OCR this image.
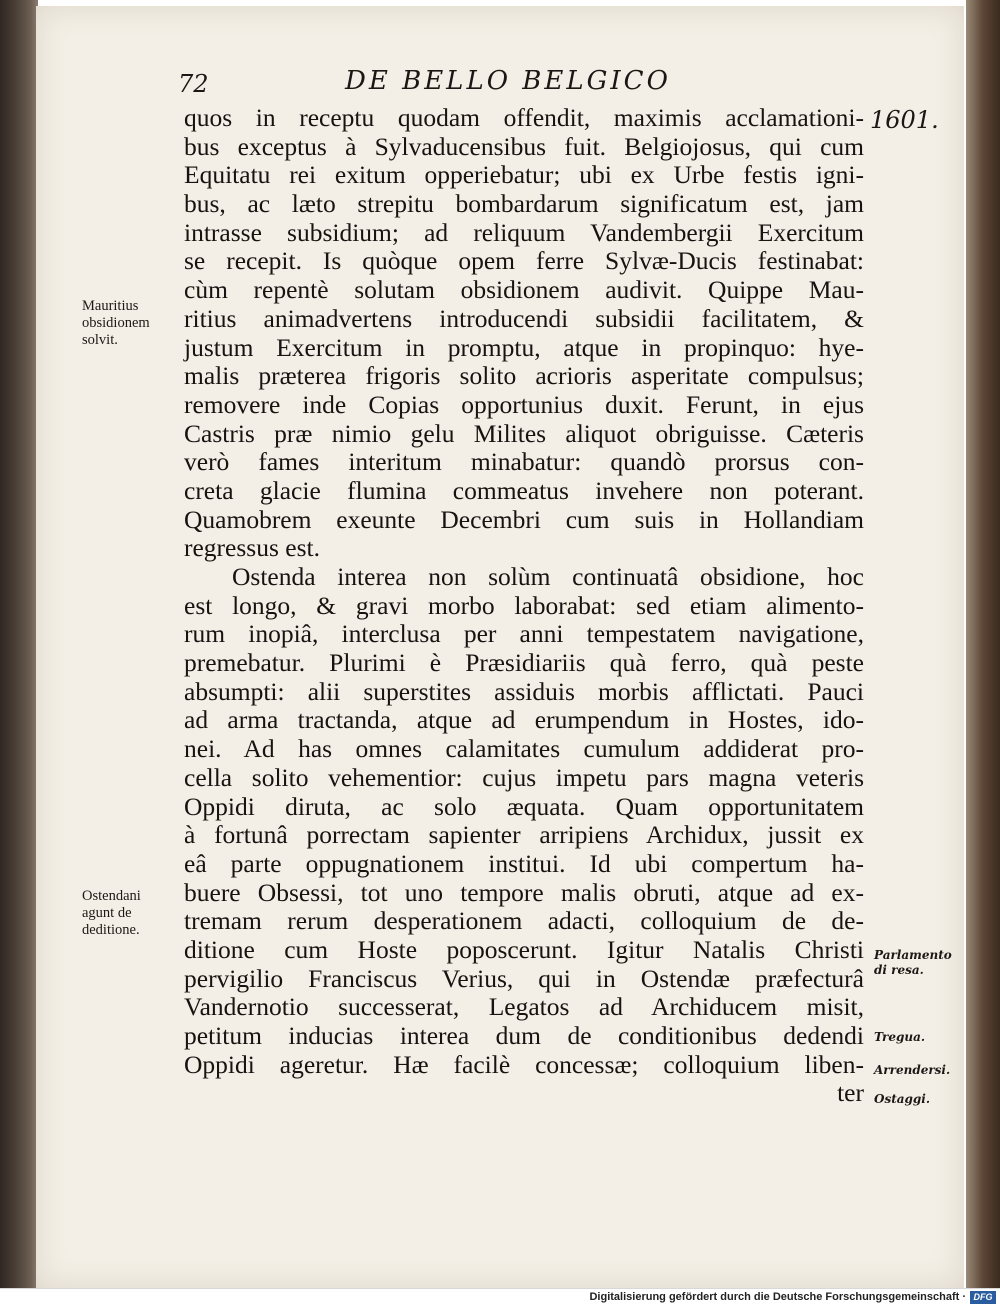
72	DE BELLO BELGICO
1601.
quos in receptu quodam offendit, maximis acclamationi-
bus exceptus à Sylvaducensibus fuit. Belgiojosus, qui cum
Equitatu rei exitum opperiebatur; ubi ex Urbe festis igni-
bus, ac læto strepitu bombardarum significatum est, jam
intrasse subsidium; ad reliquum Vandembergii Exercitum
se recepit. Is quòque opem ferre Sylvæ-Ducis festinabat:
cùm repentè solutam obsidionem audivit. Quippe Mau-
ritius animadvertens introducendi subsidii facilitatem, &
justum Exercitum in promptu, atque in propinquo: hye-
malis præterea frigoris solito acrioris asperitate compulsus;
removere inde Copias opportunius duxit. Ferunt, in ejus
Castris præ nimio gelu Milites aliquot obriguisse. Cæteris
verò fames interitum minabatur: quandò prorsus con-
creta glacie flumina commeatus invehere non poterant.
Quamobrem exeunte Decembri cum suis in Hollandiam
regressus est.
Ostenda interea non solùm continuatâ obsidione, hoc
est longo, & gravi morbo laborabat: sed etiam alimento-
rum inopiâ, interclusa per anni tempestatem navigatione,
premebatur. Plurimi è Præsidiariis quà ferro, quà peste
absumpti: alii superstites assiduis morbis afflictati. Pauci
ad arma tractanda, atque ad erumpendum in Hostes, ido-
nei. Ad has omnes calamitates cumulum addiderat pro-
cella solito vehementior: cujus impetu pars magna veteris
Oppidi diruta, ac solo æquata. Quam opportunitatem
à fortunâ porrectam sapienter arripiens Archidux, jussit ex
eâ parte oppugnationem institui. Id ubi compertum ha-
buere Obsessi, tot uno tempore malis obruti, atque ad ex-
tremam rerum desperationem adacti, colloquium de de-
ditione cum Hoste poposcerunt. Igitur Natalis Christi
pervigilio Franciscus Verius, qui in Ostendæ præfecturâ
Vandernotio successerat, Legatos ad Archiducem misit,
petitum inducias interea dum de conditionibus dedendi
Oppidi ageretur. Hæ facilè concessæ; colloquium liben-
ter
Mauritius
obsidionem
solvit.
Ostendani
agunt de
deditione.
Parlamento
di resa.
Tregua.
Arrendersi.
Ostaggi.
Digitalisierung gefördert durch die Deutsche Forschungsgemeinschaft · DFG
